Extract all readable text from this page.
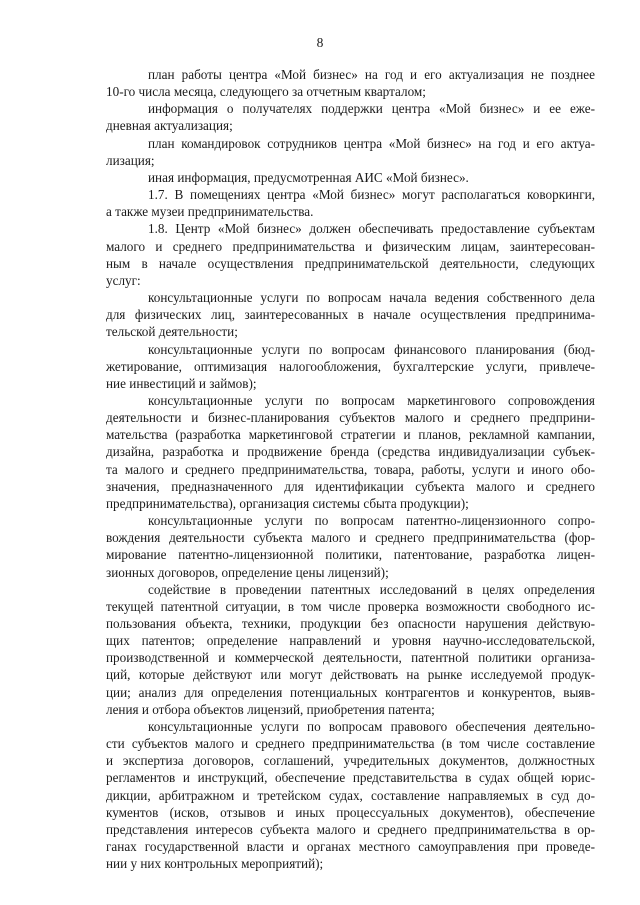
8
план работы центра «Мой бизнес» на год и его актуализация не позднее
10-го числа месяца, следующего за отчетным кварталом;
информация о получателях поддержки центра «Мой бизнес» и ее еже-
дневная актуализация;
план командировок сотрудников центра «Мой бизнес» на год и его актуа-
лизация;
иная информация, предусмотренная АИС «Мой бизнес».
1.7. В помещениях центра «Мой бизнес» могут располагаться коворкинги,
а также музеи предпринимательства.
1.8. Центр «Мой бизнес» должен обеспечивать предоставление субъектам
малого и среднего предпринимательства и физическим лицам, заинтересован-
ным в начале осуществления предпринимательской деятельности, следующих
услуг:
консультационные услуги по вопросам начала ведения собственного дела
для физических лиц, заинтересованных в начале осуществления предпринима-
тельской деятельности;
консультационные услуги по вопросам финансового планирования (бюд-
жетирование, оптимизация налогообложения, бухгалтерские услуги, привлече-
ние инвестиций и займов);
консультационные услуги по вопросам маркетингового сопровождения
деятельности и бизнес-планирования субъектов малого и среднего предприни-
мательства (разработка маркетинговой стратегии и планов, рекламной кампании,
дизайна, разработка и продвижение бренда (средства индивидуализации субъек-
та малого и среднего предпринимательства, товара, работы, услуги и иного обо-
значения, предназначенного для идентификации субъекта малого и среднего
предпринимательства), организация системы сбыта продукции);
консультационные услуги по вопросам патентно-лицензионного сопро-
вождения деятельности субъекта малого и среднего предпринимательства (фор-
мирование патентно-лицензионной политики, патентование, разработка лицен-
зионных договоров, определение цены лицензий);
содействие в проведении патентных исследований в целях определения
текущей патентной ситуации, в том числе проверка возможности свободного ис-
пользования объекта, техники, продукции без опасности нарушения действую-
щих патентов; определение направлений и уровня научно-исследовательской,
производственной и коммерческой деятельности, патентной политики организа-
ций, которые действуют или могут действовать на рынке исследуемой продук-
ции; анализ для определения потенциальных контрагентов и конкурентов, выяв-
ления и отбора объектов лицензий, приобретения патента;
консультационные услуги по вопросам правового обеспечения деятельно-
сти субъектов малого и среднего предпринимательства (в том числе составление
и экспертиза договоров, соглашений, учредительных документов, должностных
регламентов и инструкций, обеспечение представительства в судах общей юрис-
дикции, арбитражном и третейском судах, составление направляемых в суд до-
кументов (исков, отзывов и иных процессуальных документов), обеспечение
представления интересов субъекта малого и среднего предпринимательства в ор-
ганах государственной власти и органах местного самоуправления при проведе-
нии у них контрольных мероприятий);
